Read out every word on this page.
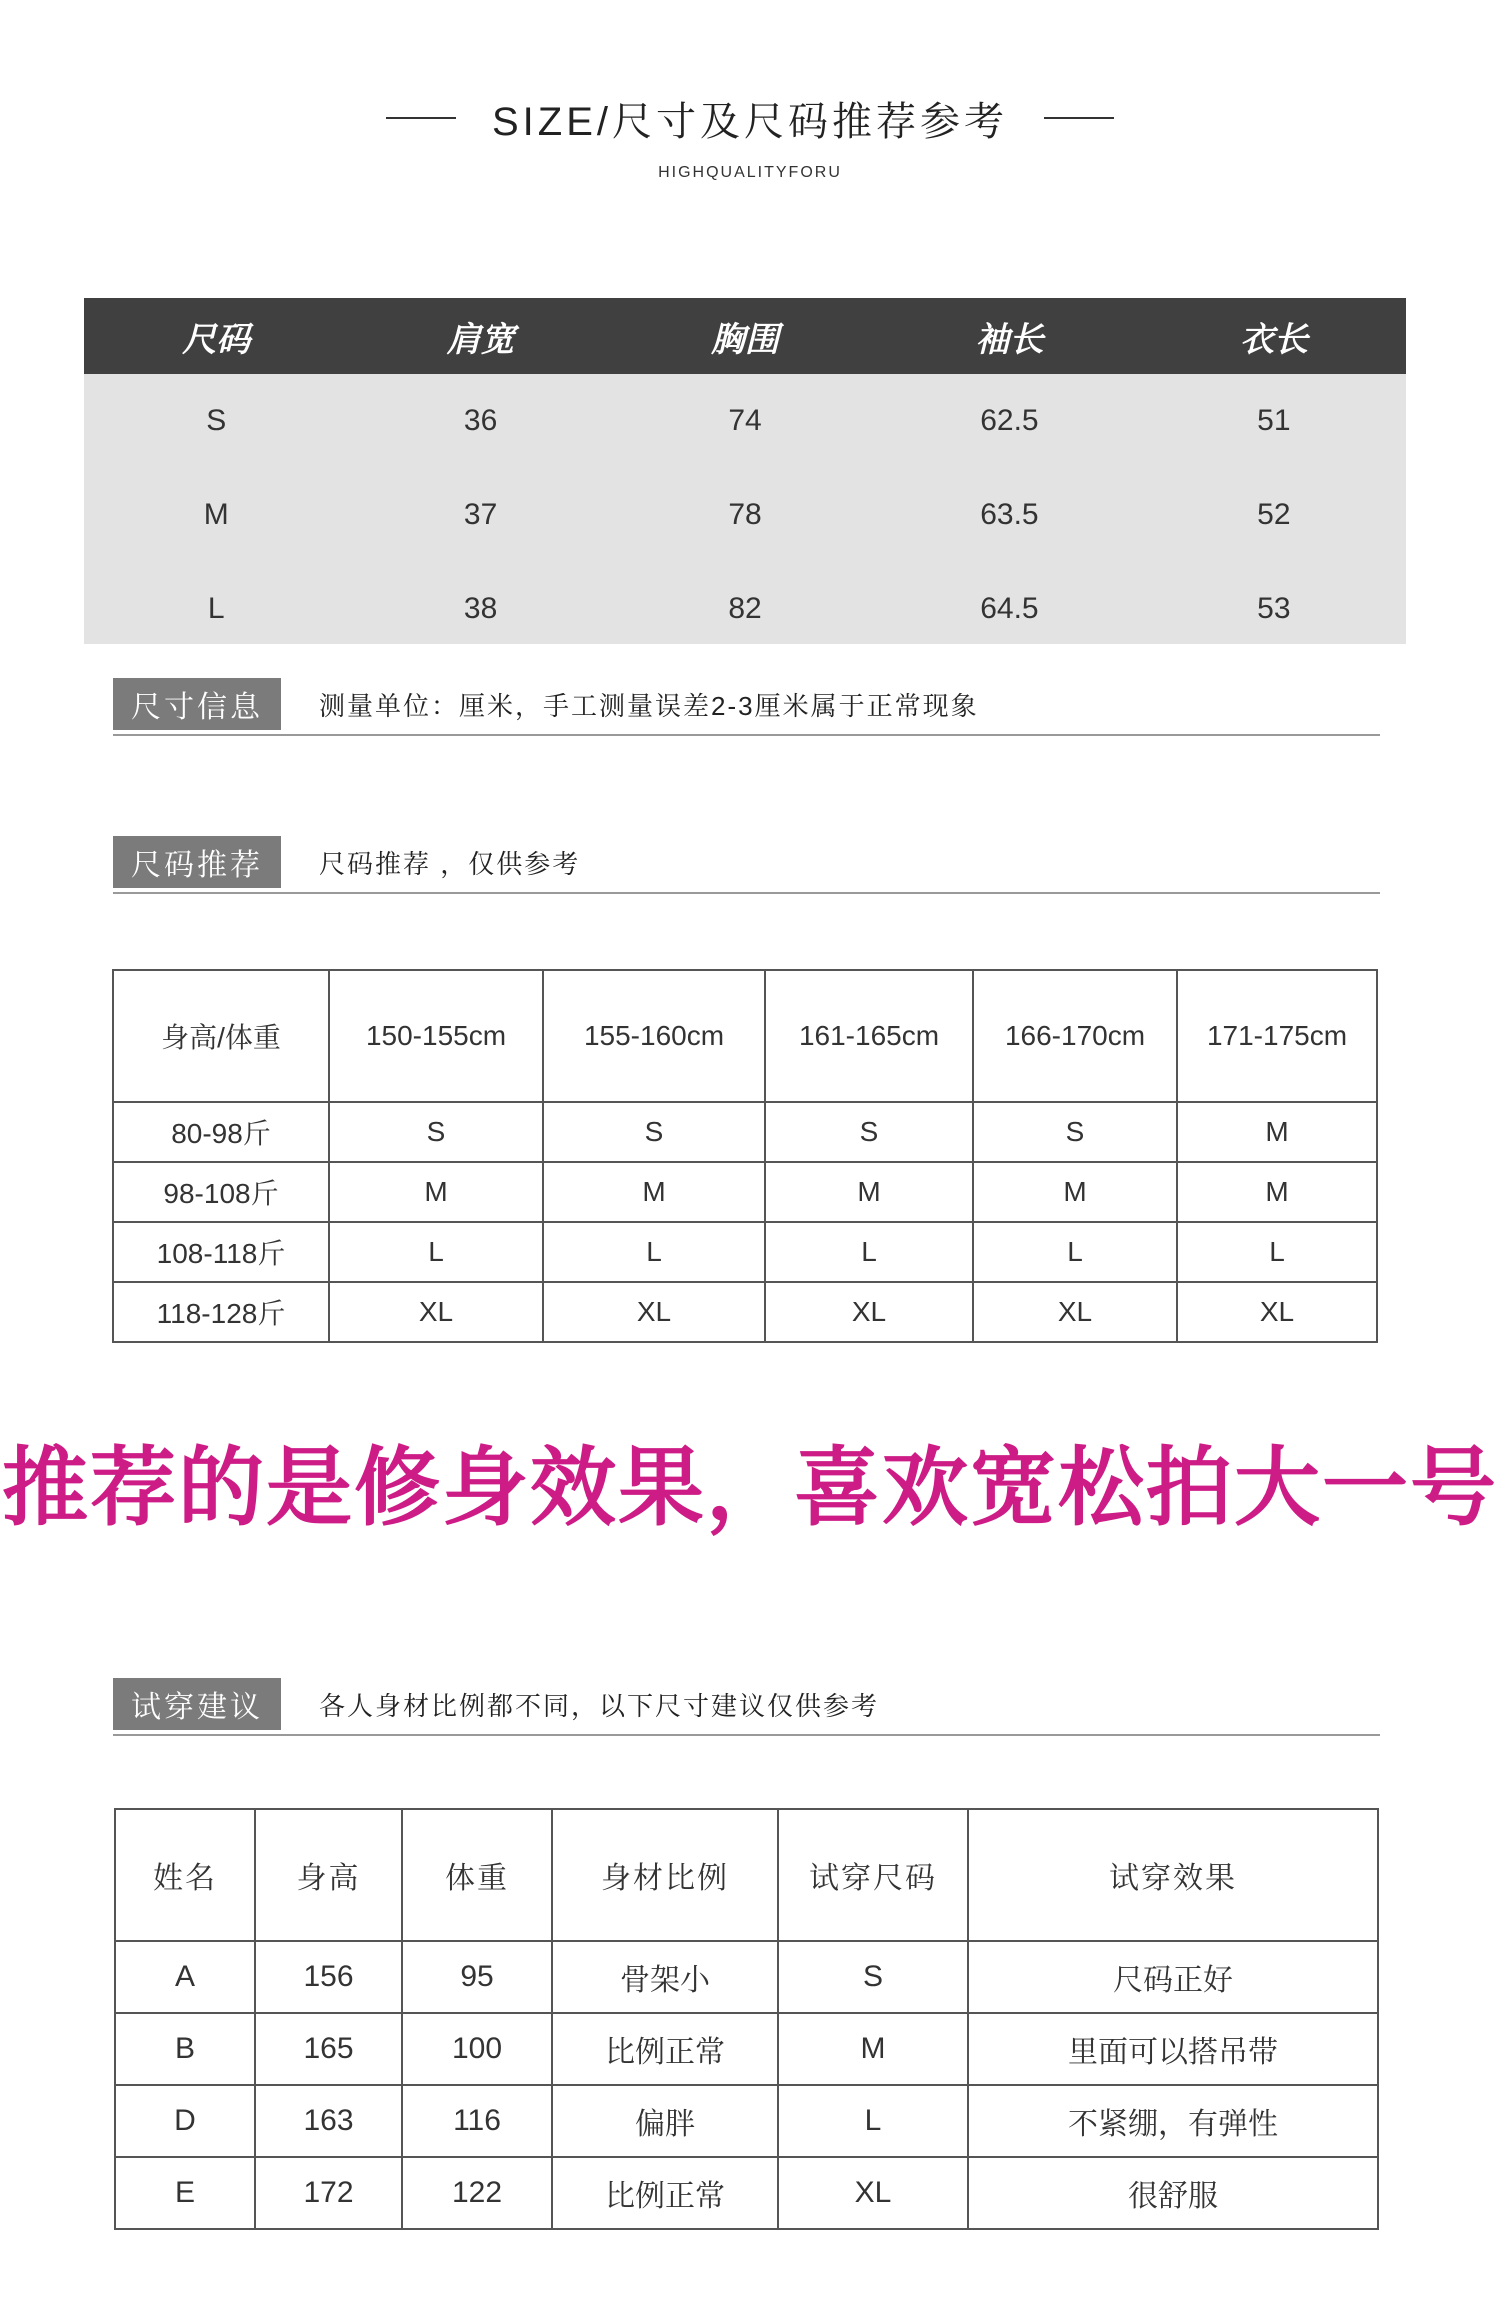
SIZE/尺寸及尺码推荐参考
HIGHQUALITYFORU
尺码	肩宽	胸围	袖长	衣长
S	36	74	62.5	51
M	37	78	63.5	52
L	38	82	64.5	53
尺寸信息	测量单位：厘米，手工测量误差2-3厘米属于正常现象
尺码推荐	尺码推荐 ，仅供参考
身高/体重	150-155cm	155-160cm	161-165cm	166-170cm	171-175cm
80-98斤	S	S	S	S	M
98-108斤	M	M	M	M	M
108-118斤	L	L	L	L	L
118-128斤	XL	XL	XL	XL	XL
推荐的是修身效果，喜欢宽松拍大一号
试穿建议	各人身材比例都不同，以下尺寸建议仅供参考
姓名	身高	体重	身材比例	试穿尺码	试穿效果
A	156	95	骨架小	S	尺码正好
B	165	100	比例正常	M	里面可以搭吊带
D	163	116	偏胖	L	不紧绷，有弹性
E	172	122	比例正常	XL	很舒服
